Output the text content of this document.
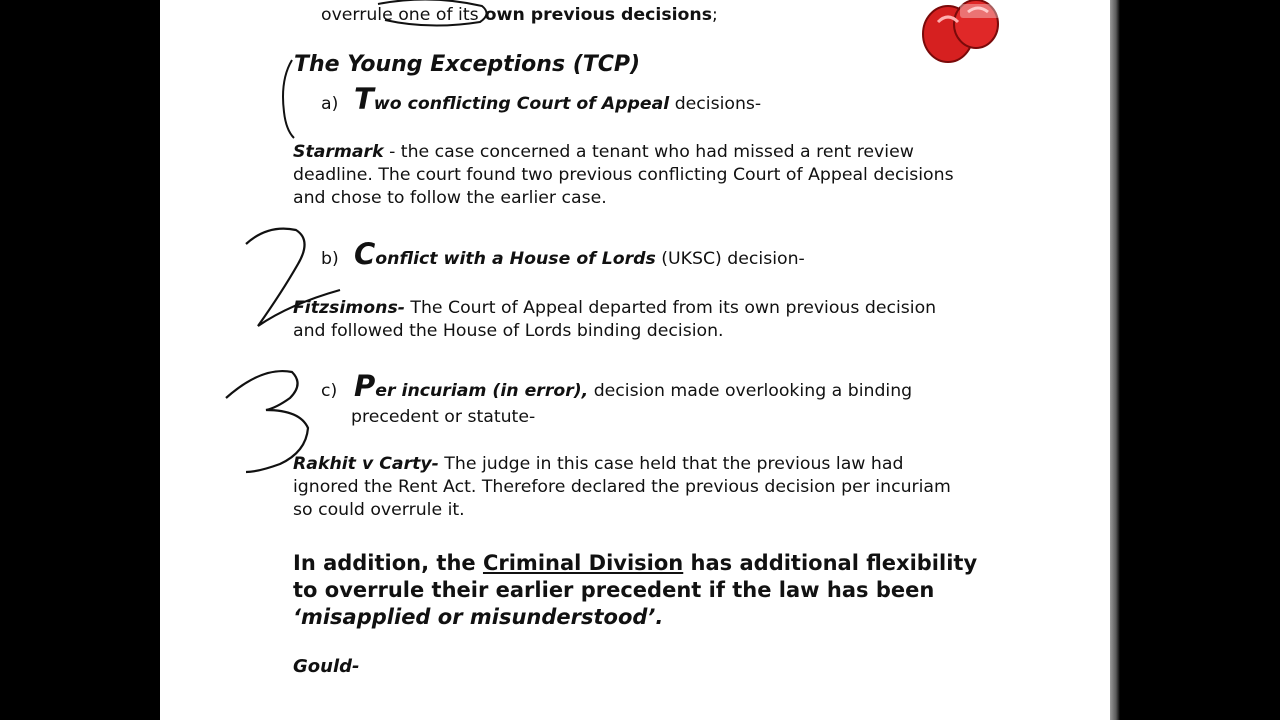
overrule one of its own previous decisions;
The Young Exceptions (TCP)
a) Two conflicting Court of Appeal decisions-
Starmark - the case concerned a tenant who had missed a rent review
deadline. The court found two previous conflicting Court of Appeal decisions
and chose to follow the earlier case.
b) Conflict with a House of Lords (UKSC) decision-
Fitzsimons- The Court of Appeal departed from its own previous decision
and followed the House of Lords binding decision.
c) Per incuriam (in error), decision made overlooking a binding
precedent or statute-
Rakhit v Carty- The judge in this case held that the previous law had
ignored the Rent Act. Therefore declared the previous decision per incuriam
so could overrule it.
In addition, the Criminal Division has additional flexibility
to overrule their earlier precedent if the law has been
‘misapplied or misunderstood’.
Gould-
